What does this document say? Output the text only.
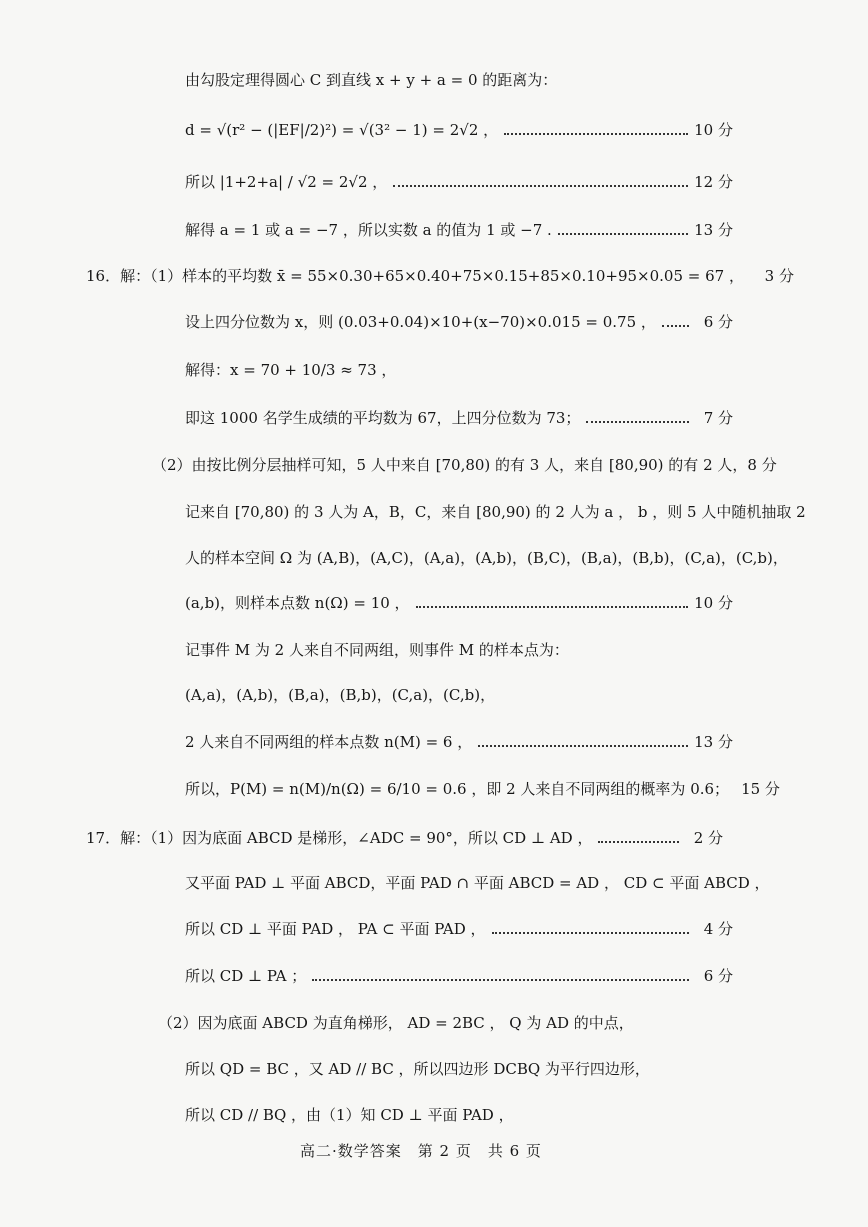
由勾股定理得圆心 C 到直线 x + y + a = 0 的距离为：
d = √(r² − (|EF|/2)²) = √(3² − 1) = 2√2 ，	10 分
所以 |1+2+a| / √2 = 2√2 ，	12 分
解得 a = 1 或 a = −7 ，所以实数 a 的值为 1 或 −7 .	13 分
16．解：（1）样本的平均数 x̄ = 55×0.30+65×0.40+75×0.15+85×0.10+95×0.05 = 67 ，	3 分
设上四分位数为 x，则 (0.03+0.04)×10+(x−70)×0.015 = 0.75 ，	6 分
解得：x = 70 + 10/3 ≈ 73 ，
即这 1000 名学生成绩的平均数为 67，上四分位数为 73；	7 分
（2）由按比例分层抽样可知，5 人中来自 [70,80) 的有 3 人，来自 [80,90) 的有 2 人，8 分
记来自 [70,80) 的 3 人为 A，B，C，来自 [80,90) 的 2 人为 a ， b ，则 5 人中随机抽取 2
人的样本空间 Ω 为 (A,B)，(A,C)，(A,a)，(A,b)，(B,C)，(B,a)，(B,b)，(C,a)，(C,b)，
(a,b)，则样本点数 n(Ω) = 10 ，	10 分
记事件 M 为 2 人来自不同两组，则事件 M 的样本点为：
(A,a)，(A,b)，(B,a)，(B,b)，(C,a)，(C,b)，
2 人来自不同两组的样本点数 n(M) = 6 ，	13 分
所以，P(M) = n(M)/n(Ω) = 6/10 = 0.6 ，即 2 人来自不同两组的概率为 0.6； 15 分
17．解：（1）因为底面 ABCD 是梯形，∠ADC = 90°，所以 CD ⊥ AD ，	2 分
又平面 PAD ⊥ 平面 ABCD，平面 PAD ∩ 平面 ABCD = AD ， CD ⊂ 平面 ABCD ，
所以 CD ⊥ 平面 PAD ， PA ⊂ 平面 PAD ，	4 分
所以 CD ⊥ PA ；	6 分
（2）因为底面 ABCD 为直角梯形， AD = 2BC ， Q 为 AD 的中点，
所以 QD = BC ，又 AD // BC ，所以四边形 DCBQ 为平行四边形，
所以 CD // BQ ，由（1）知 CD ⊥ 平面 PAD ，
高二·数学答案　第 2 页　共 6 页
